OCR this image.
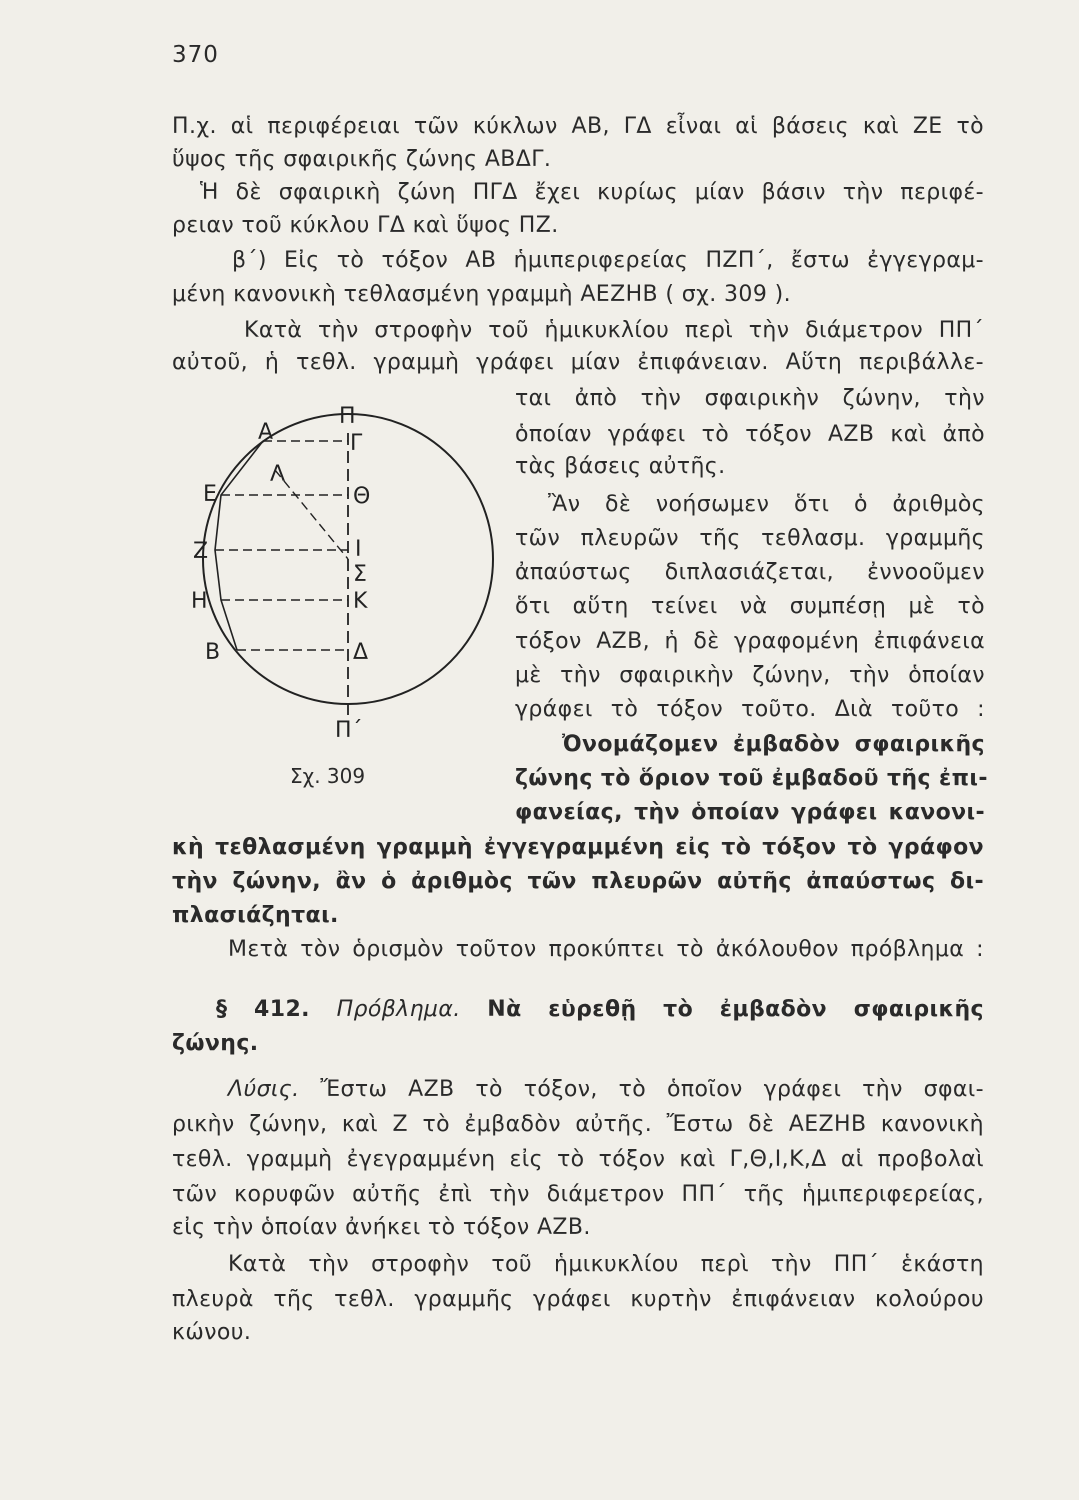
370
Π.χ. αἱ περιφέρειαι τῶν κύκλων ΑΒ, ΓΔ εἶναι αἱ βάσεις καὶ ΖΕ τὸ
ὕψος τῆς σφαιρικῆς ζώνης ΑΒΔΓ.
Ἡ δὲ σφαιρικὴ ζώνη ΠΓΔ ἔχει κυρίως μίαν βάσιν τὴν περιφέ-
ρειαν τοῦ κύκλου ΓΔ καὶ ὕψος ΠΖ.
β΄) Εἰς τὸ τόξον ΑΒ ἡμιπεριφερείας ΠΖΠ΄, ἔστω ἐγγεγραμ-
μένη κανονικὴ τεθλασμένη γραμμὴ ΑΕΖΗΒ ( σχ. 309 ).
Κατὰ τὴν στροφὴν τοῦ ἡμικυκλίου περὶ τὴν διάμετρον ΠΠ΄
αὐτοῦ, ἡ τεθλ. γραμμὴ γράφει μίαν ἐπιφάνειαν. Αὕτη περιβάλλε-
ται ἀπὸ τὴν σφαιρικὴν ζώνην, τὴν
ὁποίαν γράφει τὸ τόξον ΑΖΒ καὶ ἀπὸ
τὰς βάσεις αὐτῆς.
Ἂν δὲ νοήσωμεν ὅτι ὁ ἀριθμὸς
τῶν πλευρῶν τῆς τεθλασμ. γραμμῆς
ἀπαύστως διπλασιάζεται, ἐννοοῦμεν
ὅτι αὕτη τείνει νὰ συμπέσῃ μὲ τὸ
τόξον ΑΖΒ, ἡ δὲ γραφομένη ἐπιφάνεια
μὲ τὴν σφαιρικὴν ζώνην, τὴν ὁποίαν
γράφει τὸ τόξον τοῦτο. Διὰ τοῦτο :
Ὀνομάζομεν ἐμβαδὸν σφαιρικῆς
ζώνης τὸ ὅριον τοῦ ἐμβαδοῦ τῆς ἐπι-
φανείας, τὴν ὁποίαν γράφει κανονι-
κὴ τεθλασμένη γραμμὴ ἐγγεγραμμένη εἰς τὸ τόξον τὸ γράφον
τὴν ζώνην, ἂν ὁ ἀριθμὸς τῶν πλευρῶν αὐτῆς ἀπαύστως δι-
πλασιάζηται.
Μετὰ τὸν ὁρισμὸν τοῦτον προκύπτει τὸ ἀκόλουθον πρόβλημα :
§ 412. Πρόβλημα. Νὰ εὑρεθῇ τὸ ἐμβαδὸν σφαιρικῆς
ζώνης.
Λύσις. Ἔστω ΑΖΒ τὸ τόξον, τὸ ὁποῖον γράφει τὴν σφαι-
ρικὴν ζώνην, καὶ Ζ τὸ ἐμβαδὸν αὐτῆς. Ἔστω δὲ ΑΕΖΗΒ κανονικὴ
τεθλ. γραμμὴ ἐγεγραμμένη εἰς τὸ τόξον καὶ Γ,Θ,Ι,Κ,Δ αἱ προβολαὶ
τῶν κορυφῶν αὐτῆς ἐπὶ τὴν διάμετρον ΠΠ΄ τῆς ἡμιπεριφερείας,
εἰς τὴν ὁποίαν ἀνήκει τὸ τόξον ΑΖΒ.
Κατὰ τὴν στροφὴν τοῦ ἡμικυκλίου περὶ τὴν ΠΠ΄ ἑκάστη
πλευρὰ τῆς τεθλ. γραμμῆς γράφει κυρτὴν ἐπιφάνειαν κολούρου
κώνου.
Π
Π΄
Α
Λ
Ε
Ζ
Η
Β
Γ
Θ
Ι
Σ
Κ
Δ
Σχ. 309
